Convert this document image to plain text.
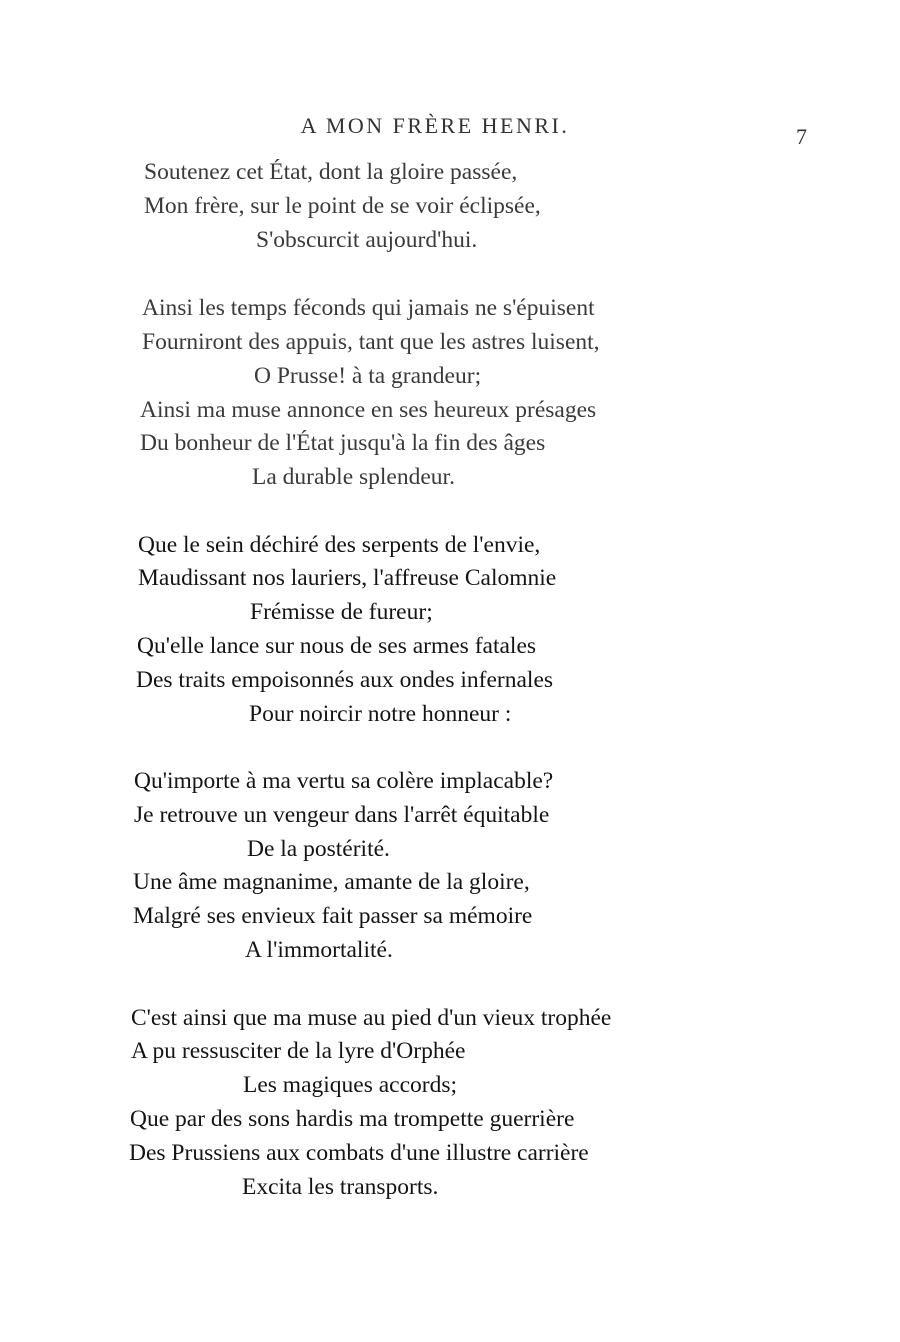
A MON FRÈRE HENRI.	7
Soutenez cet État, dont la gloire passée,
Mon frère, sur le point de se voir éclipsée,
S'obscurcit aujourd'hui.
Ainsi les temps féconds qui jamais ne s'épuisent
Fourniront des appuis, tant que les astres luisent,
O Prusse! à ta grandeur;
Ainsi ma muse annonce en ses heureux présages
Du bonheur de l'État jusqu'à la fin des âges
La durable splendeur.
Que le sein déchiré des serpents de l'envie,
Maudissant nos lauriers, l'affreuse Calomnie
Frémisse de fureur;
Qu'elle lance sur nous de ses armes fatales
Des traits empoisonnés aux ondes infernales
Pour noircir notre honneur :
Qu'importe à ma vertu sa colère implacable?
Je retrouve un vengeur dans l'arrêt équitable
De la postérité.
Une âme magnanime, amante de la gloire,
Malgré ses envieux fait passer sa mémoire
A l'immortalité.
C'est ainsi que ma muse au pied d'un vieux trophée
A pu ressusciter de la lyre d'Orphée
Les magiques accords;
Que par des sons hardis ma trompette guerrière
Des Prussiens aux combats d'une illustre carrière
Excita les transports.
